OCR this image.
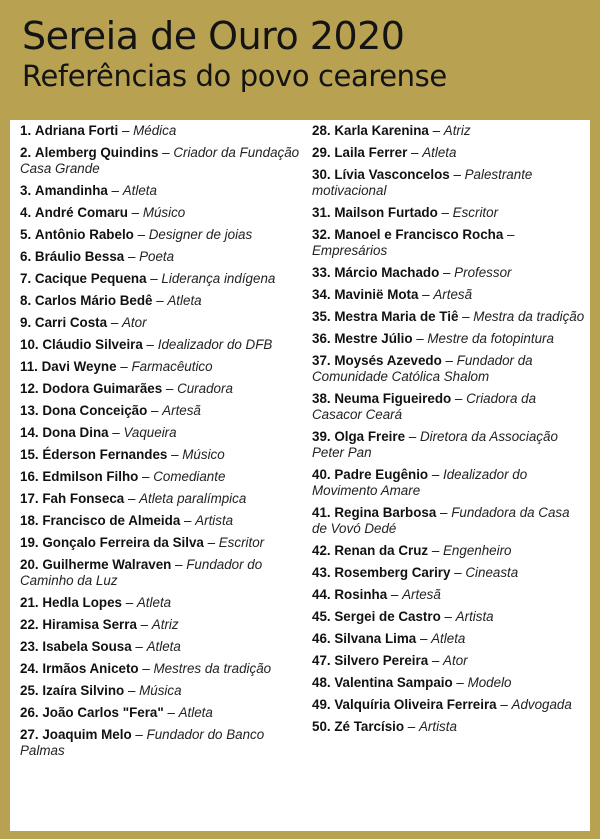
Sereia de Ouro 2020
Referências do povo cearense

1. Adriana Forti – Médica

2. Alemberg Quindins – Criador da Fundação Casa Grande

3. Amandinha – Atleta

4. André Comaru – Músico

5. Antônio Rabelo – Designer de joias

6. Bráulio Bessa – Poeta

7. Cacique Pequena – Liderança indígena

8. Carlos Mário Bedê – Atleta

9. Carri Costa – Ator

10. Cláudio Silveira – Idealizador do DFB

11. Davi Weyne – Farmacêutico

12. Dodora Guimarães – Curadora

13. Dona Conceição – Artesã

14. Dona Dina – Vaqueira

15. Éderson Fernandes – Músico

16. Edmilson Filho – Comediante

17. Fah Fonseca – Atleta paralímpica

18. Francisco de Almeida – Artista

19. Gonçalo Ferreira da Silva – Escritor

20. Guilherme Walraven – Fundador do Caminho da Luz

21. Hedla Lopes – Atleta

22. Hiramisa Serra – Atriz

23. Isabela Sousa – Atleta

24. Irmãos Aniceto – Mestres da tradição

25. Izaíra Silvino – Música

26. João Carlos "Fera" – Atleta

27. Joaquim Melo – Fundador do Banco Palmas

28. Karla Karenina – Atriz

29. Laila Ferrer – Atleta

30. Lívia Vasconcelos – Palestrante motivacional

31. Mailson Furtado – Escritor

32. Manoel e Francisco Rocha – Empresários

33. Márcio Machado – Professor

34. Mavinië Mota – Artesã

35. Mestra Maria de Tiê – Mestra da tradição

36. Mestre Júlio – Mestre da fotopintura

37. Moysés Azevedo – Fundador da Comunidade Católica Shalom

38. Neuma Figueiredo – Criadora da Casacor Ceará

39. Olga Freire – Diretora da Associação Peter Pan

40. Padre Eugênio – Idealizador do Movimento Amare

41. Regina Barbosa – Fundadora da Casa de Vovó Dedé

42. Renan da Cruz – Engenheiro

43. Rosemberg Cariry – Cineasta

44. Rosinha – Artesã

45. Sergei de Castro – Artista

46. Silvana Lima – Atleta

47. Silvero Pereira – Ator

48. Valentina Sampaio – Modelo

49. Valquíria Oliveira Ferreira – Advogada

50. Zé Tarcísio – Artista
